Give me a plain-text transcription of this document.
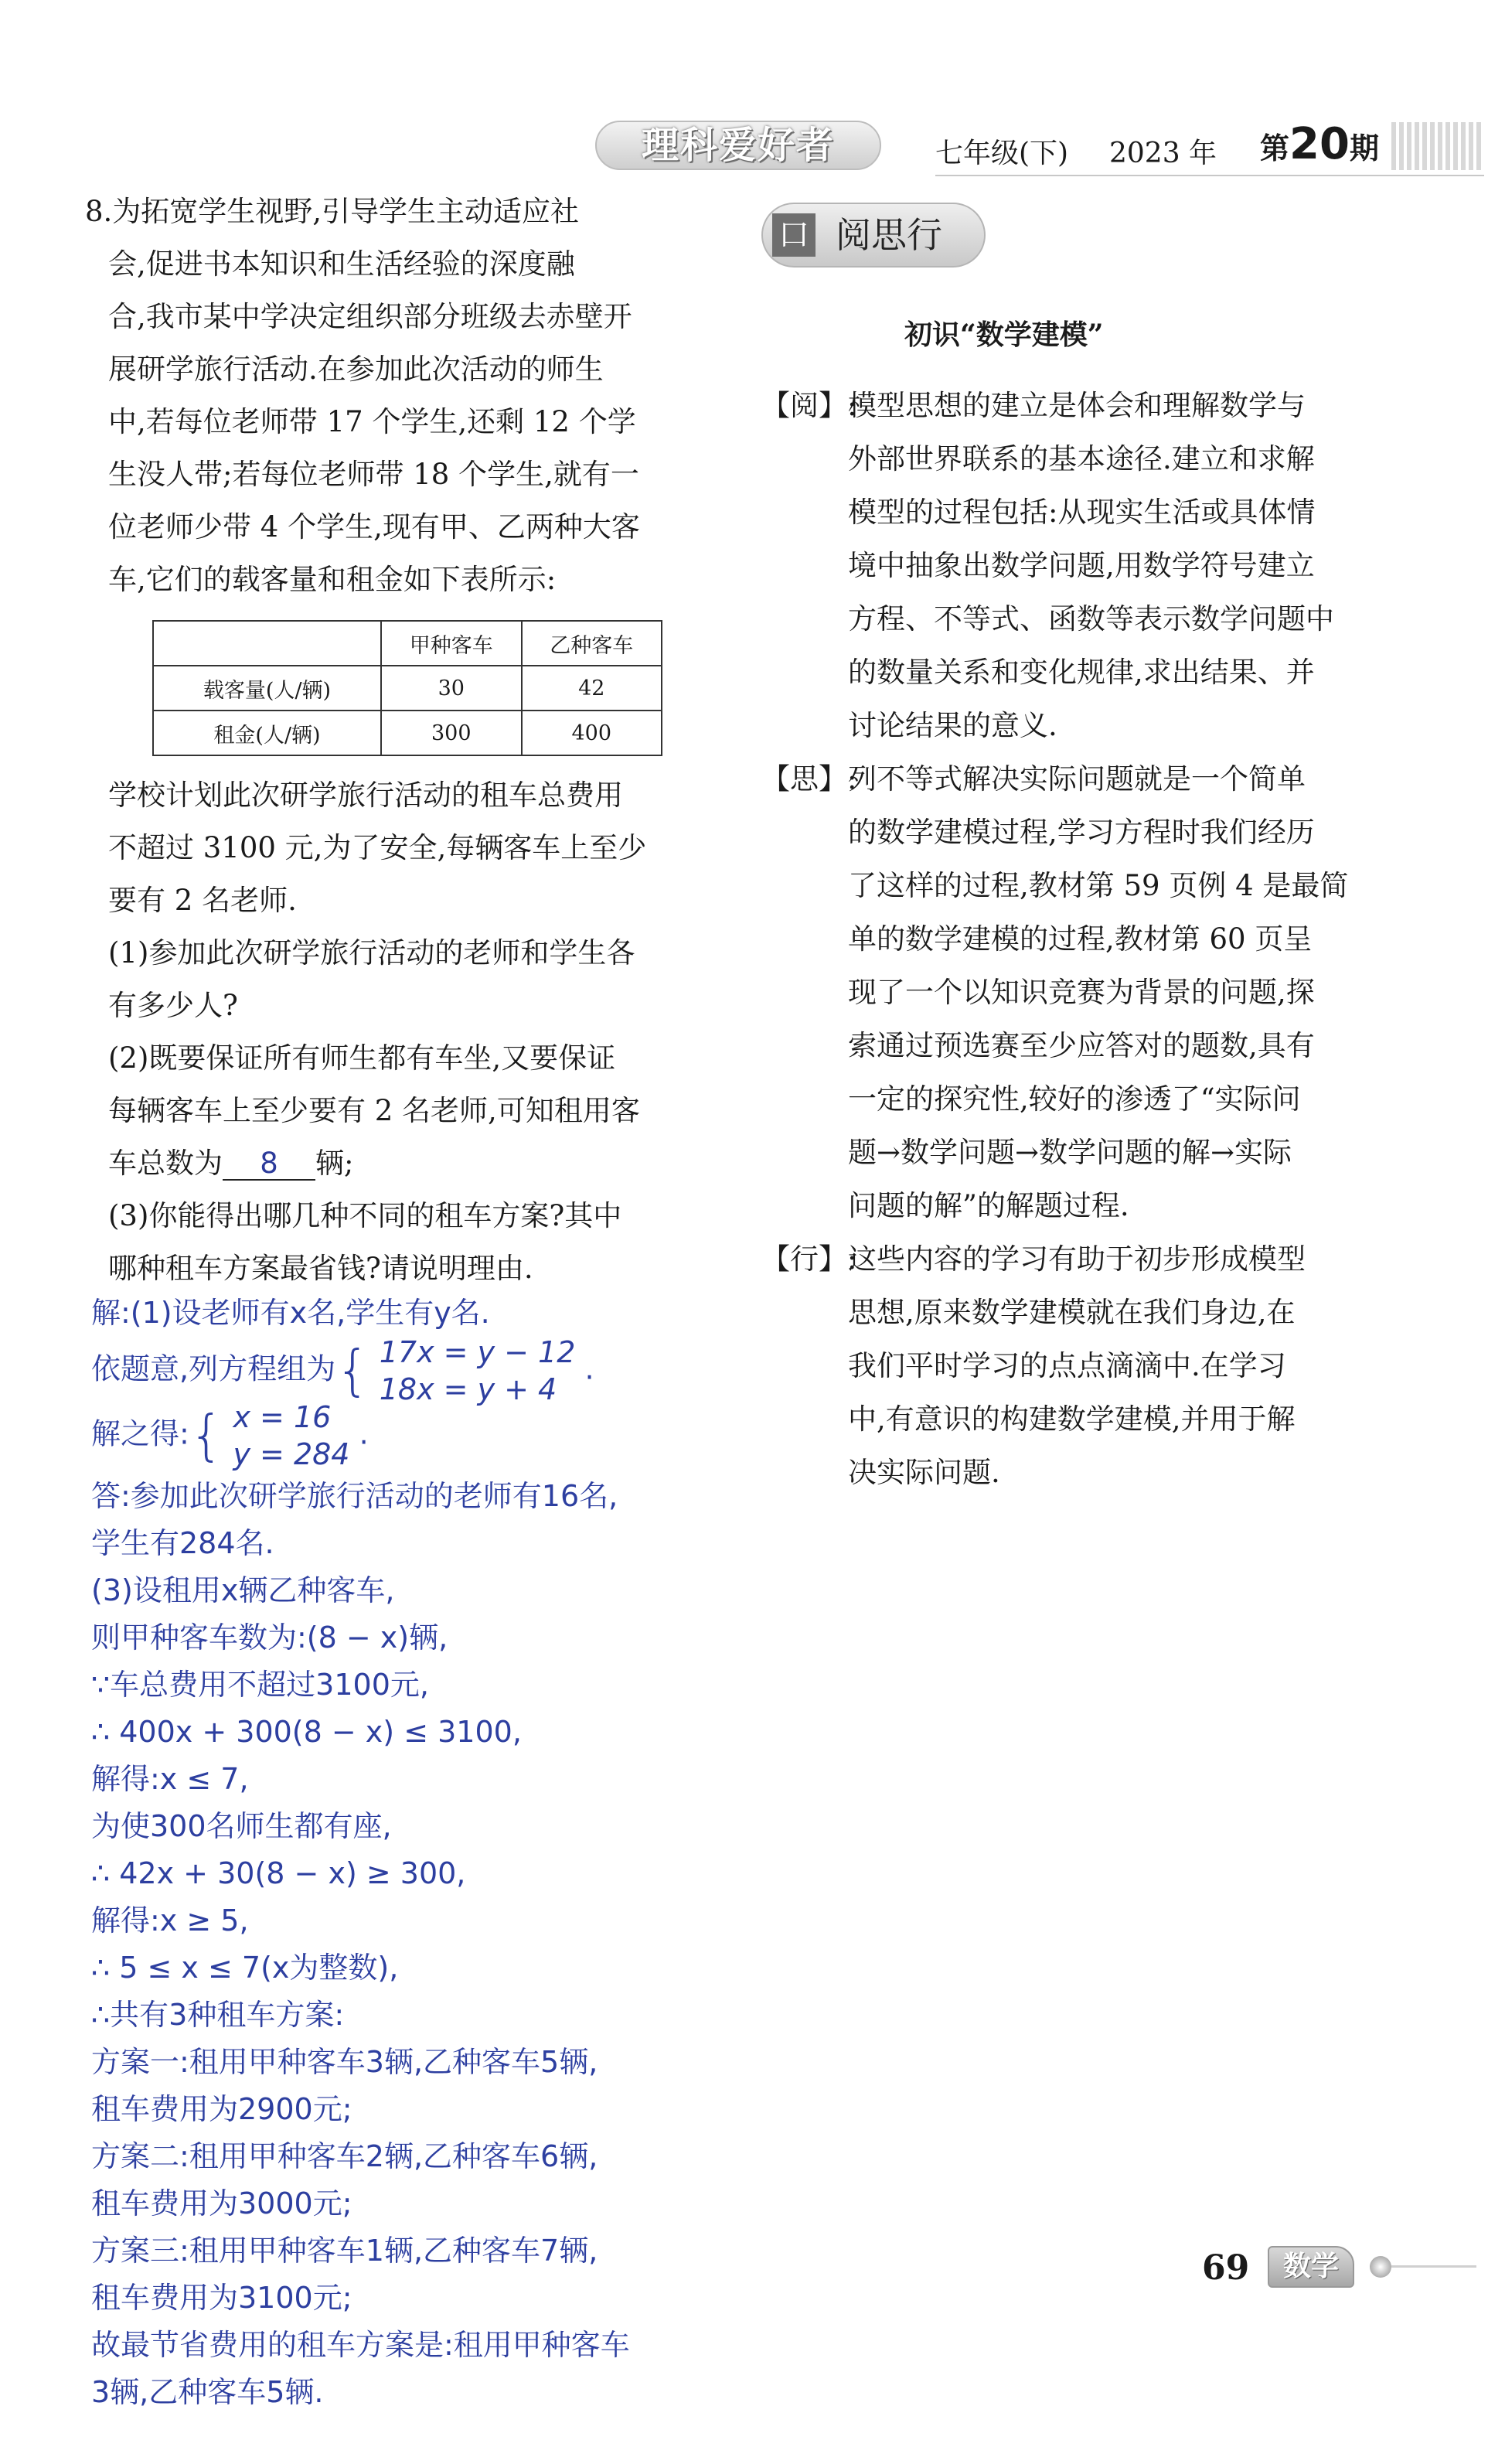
理科爱好者	七年级(下) 2023 年 第20期
8.为拓宽学生视野,引导学生主动适应社
会,促进书本知识和生活经验的深度融
合,我市某中学决定组织部分班级去赤壁开
展研学旅行活动.在参加此次活动的师生
中,若每位老师带 17 个学生,还剩 12 个学
生没人带;若每位老师带 18 个学生,就有一
位老师少带 4 个学生,现有甲、乙两种大客
车,它们的载客量和租金如下表所示:
	甲种客车	乙种客车
载客量(人/辆)	30	42
租金(人/辆)	300	400
学校计划此次研学旅行活动的租车总费用
不超过 3100 元,为了安全,每辆客车上至少
要有 2 名老师.
(1)参加此次研学旅行活动的老师和学生各
有多少人?
(2)既要保证所有师生都有车坐,又要保证
每辆客车上至少要有 2 名老师,可知租用客
车总数为 8 辆;
(3)你能得出哪几种不同的租车方案?其中
哪种租车方案最省钱?请说明理由.
解:(1)设老师有x名,学生有y名.
依题意,列方程组为{ 17x = y − 12
18x = y + 4
.
解之得:{ x = 16
y = 284
.
答:参加此次研学旅行活动的老师有16名,
学生有284名.
(3)设租用x辆乙种客车,
则甲种客车数为:(8 − x)辆,
∵车总费用不超过3100元,
∴ 400x + 300(8 − x) ≤ 3100,
解得:x ≤ 7,
为使300名师生都有座,
∴ 42x + 30(8 − x) ≥ 300,
解得:x ≥ 5,
∴ 5 ≤ x ≤ 7(x为整数),
∴共有3种租车方案:
方案一:租用甲种客车3辆,乙种客车5辆,
租车费用为2900元;
方案二:租用甲种客车2辆,乙种客车6辆,
租车费用为3000元;
方案三:租用甲种客车1辆,乙种客车7辆,
租车费用为3100元;
故最节省费用的租车方案是:租用甲种客车
3辆,乙种客车5辆.
口 阅思行
初识“数学建模”
【阅】:
模型思想的建立是体会和理解数学与
外部世界联系的基本途径.建立和求解
模型的过程包括:从现实生活或具体情
境中抽象出数学问题,用数学符号建立
方程、不等式、函数等表示数学问题中
的数量关系和变化规律,求出结果、并
讨论结果的意义.
【思】:
列不等式解决实际问题就是一个简单
的数学建模过程,学习方程时我们经历
了这样的过程,教材第 59 页例 4 是最简
单的数学建模的过程,教材第 60 页呈
现了一个以知识竞赛为背景的问题,探
索通过预选赛至少应答对的题数,具有
一定的探究性,较好的渗透了“实际问
题→数学问题→数学问题的解→实际
问题的解”的解题过程.
【行】:
这些内容的学习有助于初步形成模型
思想,原来数学建模就在我们身边,在
我们平时学习的点点滴滴中.在学习
中,有意识的构建数学建模,并用于解
决实际问题.
69	数学
